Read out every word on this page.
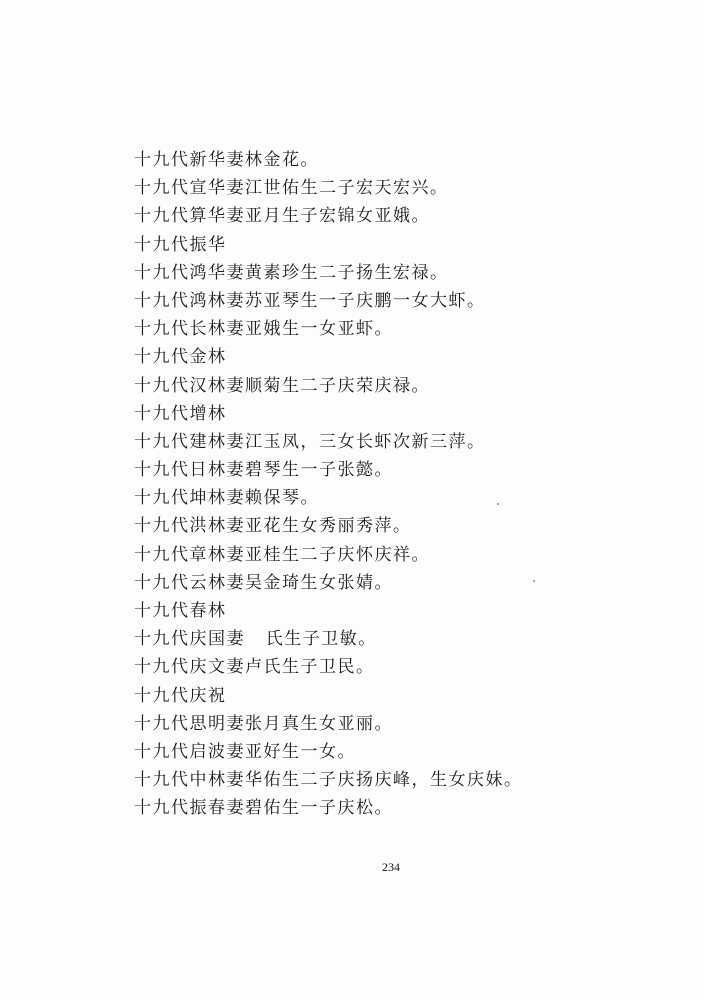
十九代新华妻林金花。
十九代宣华妻江世佑生二子宏天宏兴。
十九代算华妻亚月生子宏锦女亚娥。
十九代振华
十九代鸿华妻黄素珍生二子扬生宏禄。
十九代鸿林妻苏亚琴生一子庆鹏一女大虾。
十九代长林妻亚娥生一女亚虾。
十九代金林
十九代汉林妻顺菊生二子庆荣庆禄。
十九代增林
十九代建林妻江玉凤，三女长虾次新三萍。
十九代日林妻碧琴生一子张懿。
十九代坤林妻赖保琴。
十九代洪林妻亚花生女秀丽秀萍。
十九代章林妻亚桂生二子庆怀庆祥。
十九代云林妻吴金琦生女张婧。
十九代春林
十九代庆国妻   氏生子卫敏。
十九代庆文妻卢氏生子卫民。
十九代庆祝
十九代思明妻张月真生女亚丽。
十九代启波妻亚好生一女。
十九代中林妻华佑生二子庆扬庆峰，生女庆妹。
十九代振春妻碧佑生一子庆松。
234
